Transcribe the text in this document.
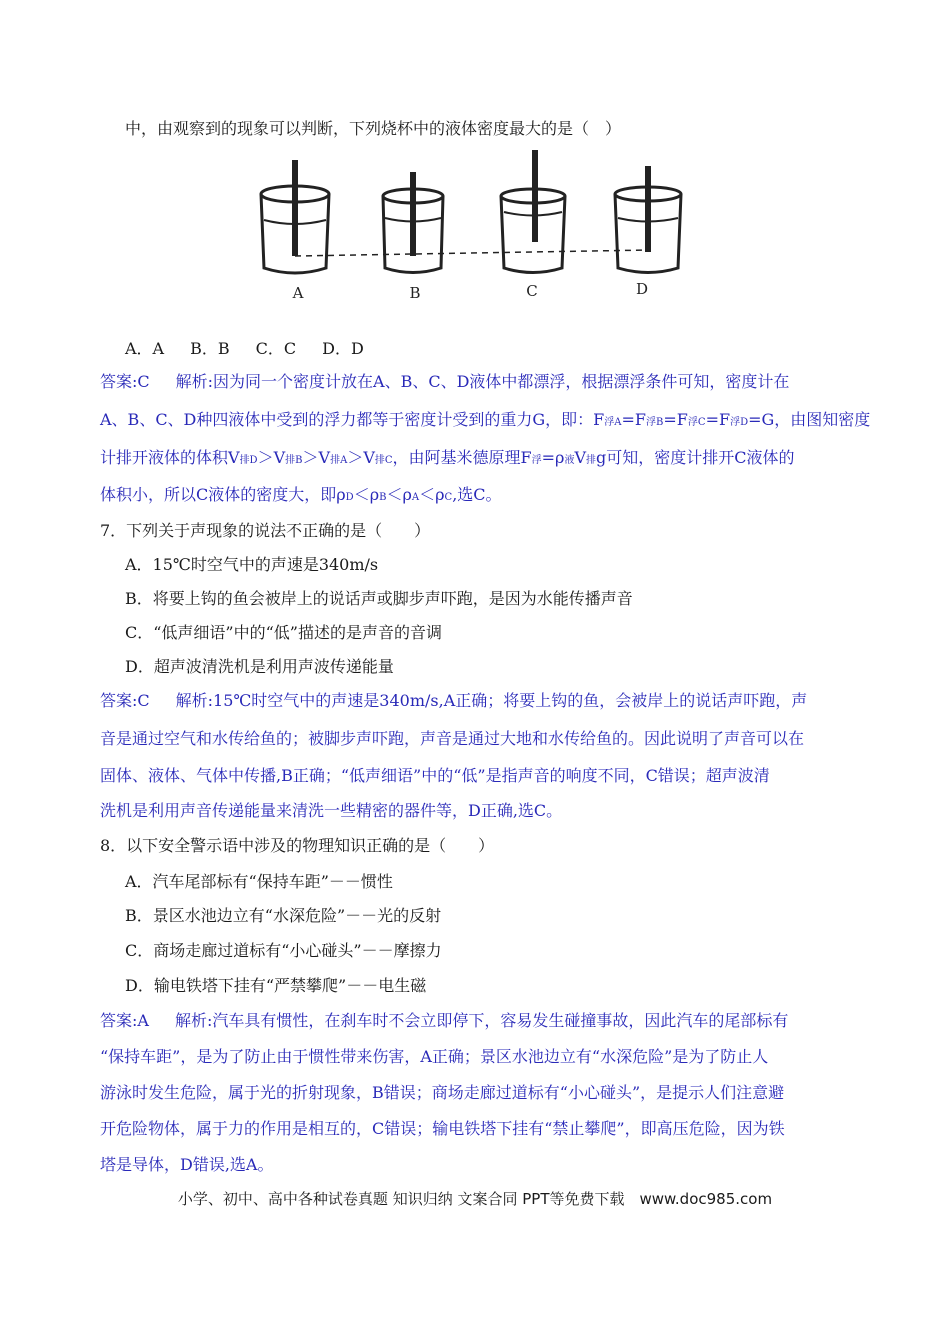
中，由观察到的现象可以判断，下列烧杯中的液体密度最大的是（　）
A	B	C	D
A．A B．B C．C D．D
答案:C 解析:因为同一个密度计放在A、B、C、D液体中都漂浮，根据漂浮条件可知，密度计在
A、B、C、D种四液体中受到的浮力都等于密度计受到的重力G，即：F浮A=F浮B=F浮C=F浮D=G，由图知密度
计排开液体的体积V排D＞V排B＞V排A＞V排C，由阿基米德原理F浮=ρ液V排g可知，密度计排开C液体的
体积小，所以C液体的密度大，即ρD＜ρB＜ρA＜ρC,选C。
7．下列关于声现象的说法不正确的是（　　）
A．15℃时空气中的声速是340m/s
B．将要上钩的鱼会被岸上的说话声或脚步声吓跑，是因为水能传播声音
C．“低声细语”中的“低”描述的是声音的音调
D．超声波清洗机是利用声波传递能量
答案:C 解析:15℃时空气中的声速是340m/s,A正确；将要上钩的鱼，会被岸上的说话声吓跑，声
音是通过空气和水传给鱼的；被脚步声吓跑，声音是通过大地和水传给鱼的。因此说明了声音可以在
固体、液体、气体中传播,B正确；“低声细语”中的“低”是指声音的响度不同，C错误；超声波清
洗机是利用声音传递能量来清洗一些精密的器件等，D正确,选C。
8．以下安全警示语中涉及的物理知识正确的是（　　）
A．汽车尾部标有“保持车距”－－惯性
B．景区水池边立有“水深危险”－－光的反射
C．商场走廊过道标有“小心碰头”－－摩擦力
D．输电铁塔下挂有“严禁攀爬”－－电生磁
答案:A 解析:汽车具有惯性，在刹车时不会立即停下，容易发生碰撞事故，因此汽车的尾部标有
“保持车距”，是为了防止由于惯性带来伤害，A正确；景区水池边立有“水深危险”是为了防止人
游泳时发生危险，属于光的折射现象，B错误；商场走廊过道标有“小心碰头”，是提示人们注意避
开危险物体，属于力的作用是相互的，C错误；输电铁塔下挂有“禁止攀爬”，即高压危险，因为铁
塔是导体，D错误,选A。
小学、初中、高中各种试卷真题 知识归纳 文案合同 PPT等免费下载　www.doc985.com
